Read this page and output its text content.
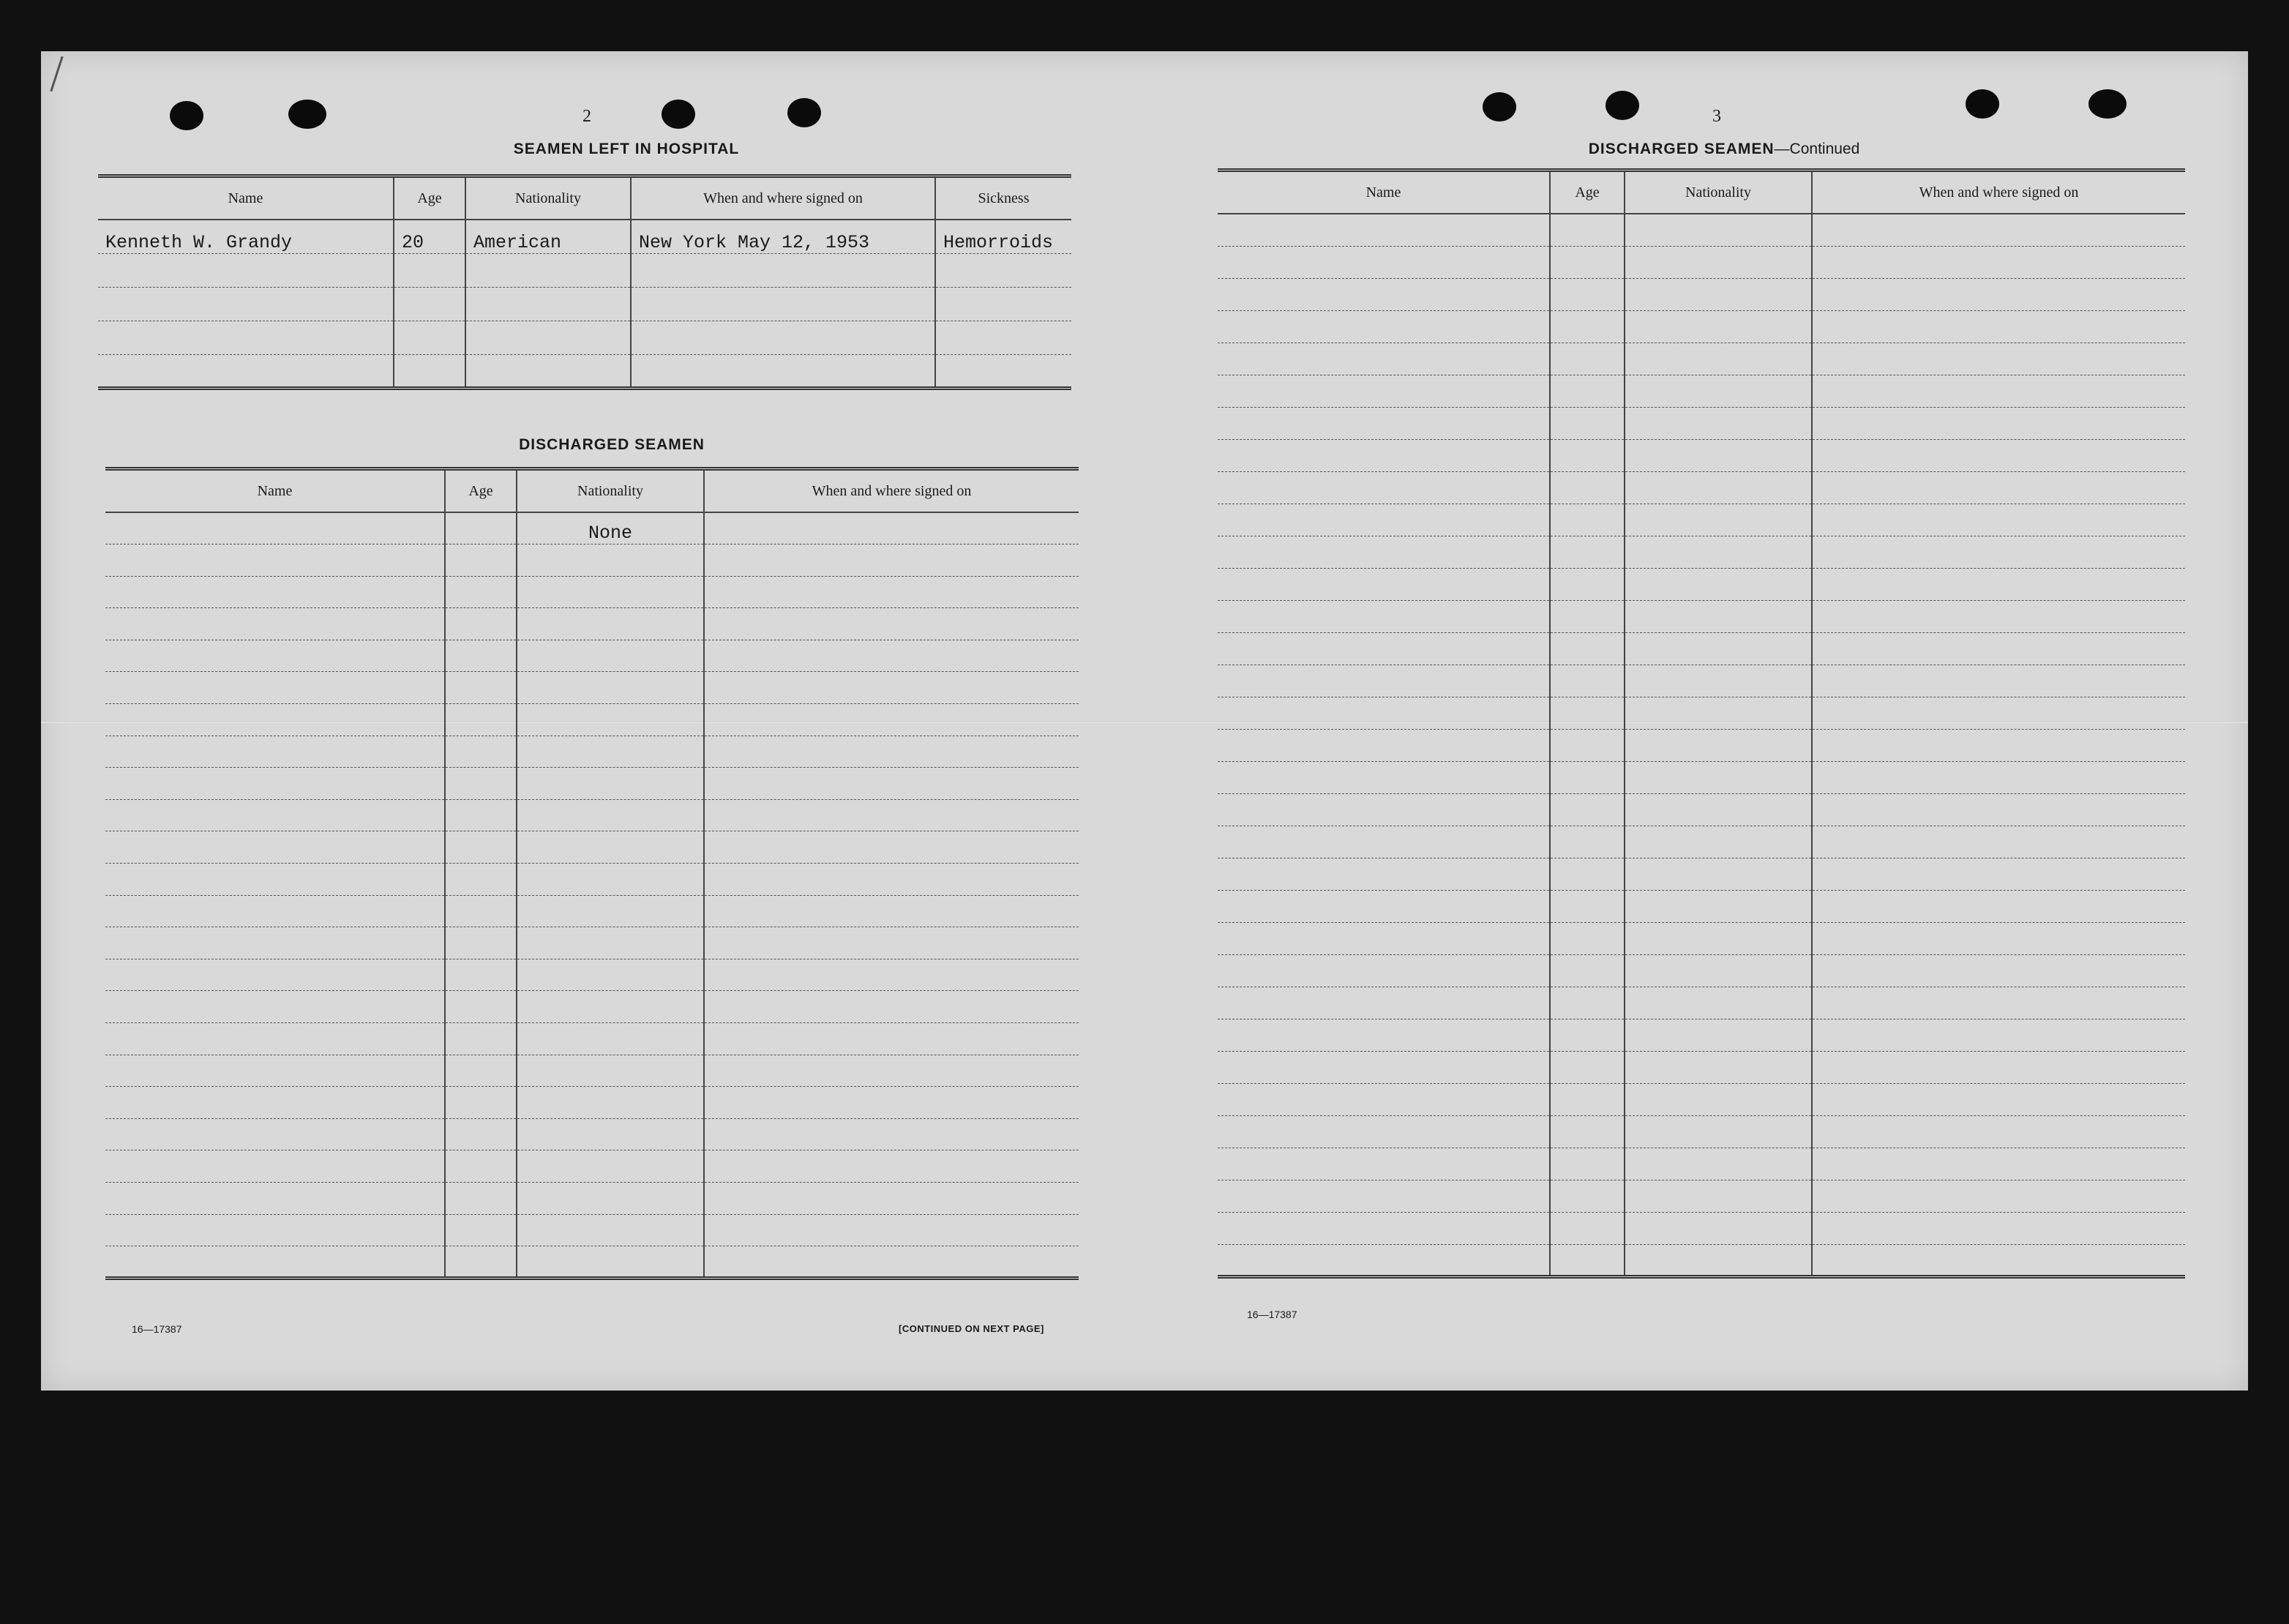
2
SEAMEN LEFT IN HOSPITAL
Name	Age	Nationality	When and where signed on	Sickness
Kenneth W. Grandy	20	American	New York May 12, 1953	Hemorroids

DISCHARGED SEAMEN
Name	Age	Nationality	When and where signed on
		None	

16—17387	[CONTINUED ON NEXT PAGE]
3
DISCHARGED SEAMEN—Continued
Name	Age	Nationality	When and where signed on

16—17387
